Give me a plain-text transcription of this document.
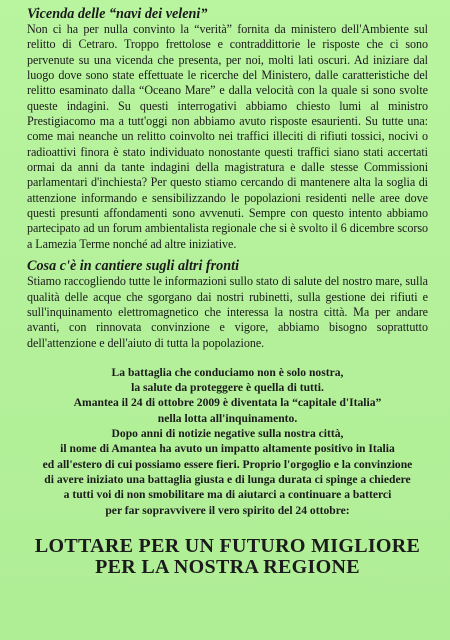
Vicenda delle “navi dei veleni”

Non ci ha per nulla convinto la “verità” fornita da ministero dell'Ambiente sul relitto di Cetraro. Troppo frettolose e contraddittorie le risposte che ci sono pervenute su una vicenda che presenta, per noi, molti lati oscuri. Ad iniziare dal luogo dove sono state effettuate le ricerche del Ministero, dalle caratteristiche del relitto esaminato dalla “Oceano Mare” e dalla velocità con la quale si sono svolte queste indagini. Su questi interrogativi abbiamo chiesto lumi al ministro Prestigiacomo ma a tutt'oggi non abbiamo avuto risposte esaurienti. Su tutte una: come mai neanche un relitto coinvolto nei traffici illeciti di rifiuti tossici, nocivi o radioattivi finora è stato individuato nonostante questi traffici siano stati accertati ormai da anni da tante indagini della magistratura e dalle stesse Commissioni parlamentari d'inchiesta? Per questo stiamo cercando di mantenere alta la soglia di attenzione informando e sensibilizzando le popolazioni residenti nelle aree dove questi presunti affondamenti sono avvenuti. Sempre con questo intento abbiamo partecipato ad un forum ambientalista regionale che si è svolto il 6 dicembre scorso a Lamezia Terme nonché ad altre iniziative.

Cosa c'è in cantiere sugli altri fronti

Stiamo raccogliendo tutte le informazioni sullo stato di salute del nostro mare, sulla qualità delle acque che sgorgano dai nostri rubinetti, sulla gestione dei rifiuti e sull'inquinamento elettromagnetico che interessa la nostra città. Ma per andare avanti, con rinnovata convinzione e vigore, abbiamo bisogno soprattutto dell'attenzione e dell'aiuto di tutta la popolazione.

La battaglia che conduciamo non è solo nostra,
la salute da proteggere è quella di tutti.
Amantea il 24 di ottobre 2009 è diventata la “capitale d'Italia”
nella lotta all'inquinamento.
Dopo anni di notizie negative sulla nostra città,
il nome di Amantea ha avuto un impatto altamente positivo in Italia
ed all'estero di cui possiamo essere fieri. Proprio l'orgoglio e la convinzione
di avere iniziato una battaglia giusta e di lunga durata ci spinge a chiedere
a tutti voi di non smobilitare ma di aiutarci a continuare a batterci
per far sopravvivere il vero spirito del 24 ottobre:
LOTTARE PER UN FUTURO MIGLIORE
PER LA NOSTRA REGIONE
